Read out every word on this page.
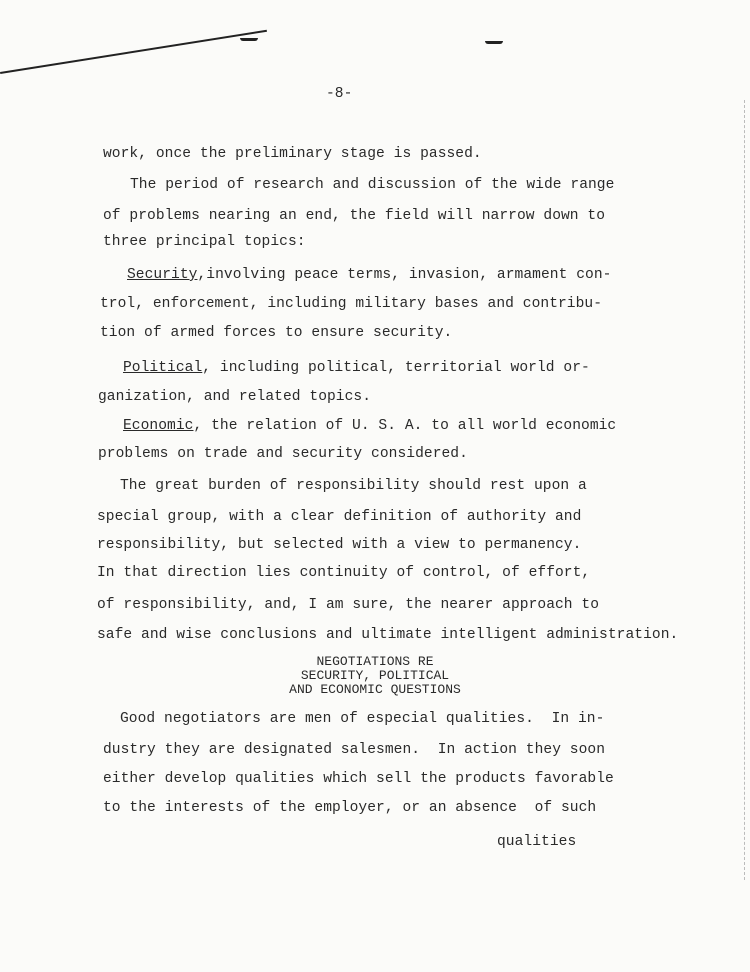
-8-
work, once the preliminary stage is passed.
The period of research and discussion of the wide range
of problems nearing an end, the field will narrow down to
three principal topics:
Security,involving peace terms, invasion, armament con-
trol, enforcement, including military bases and contribu-
tion of armed forces to ensure security.
Political, including political, territorial world or-
ganization, and related topics.
Economic, the relation of U. S. A. to all world economic
problems on trade and security considered.
The great burden of responsibility should rest upon a
special group, with a clear definition of authority and
responsibility, but selected with a view to permanency.
In that direction lies continuity of control, of effort,
of responsibility, and, I am sure, the nearer approach to
safe and wise conclusions and ultimate intelligent administration.
NEGOTIATIONS RE
SECURITY, POLITICAL
AND ECONOMIC QUESTIONS
Good negotiators are men of especial qualities.  In in-
dustry they are designated salesmen.  In action they soon
either develop qualities which sell the products favorable
to the interests of the employer, or an absence  of such
qualities
